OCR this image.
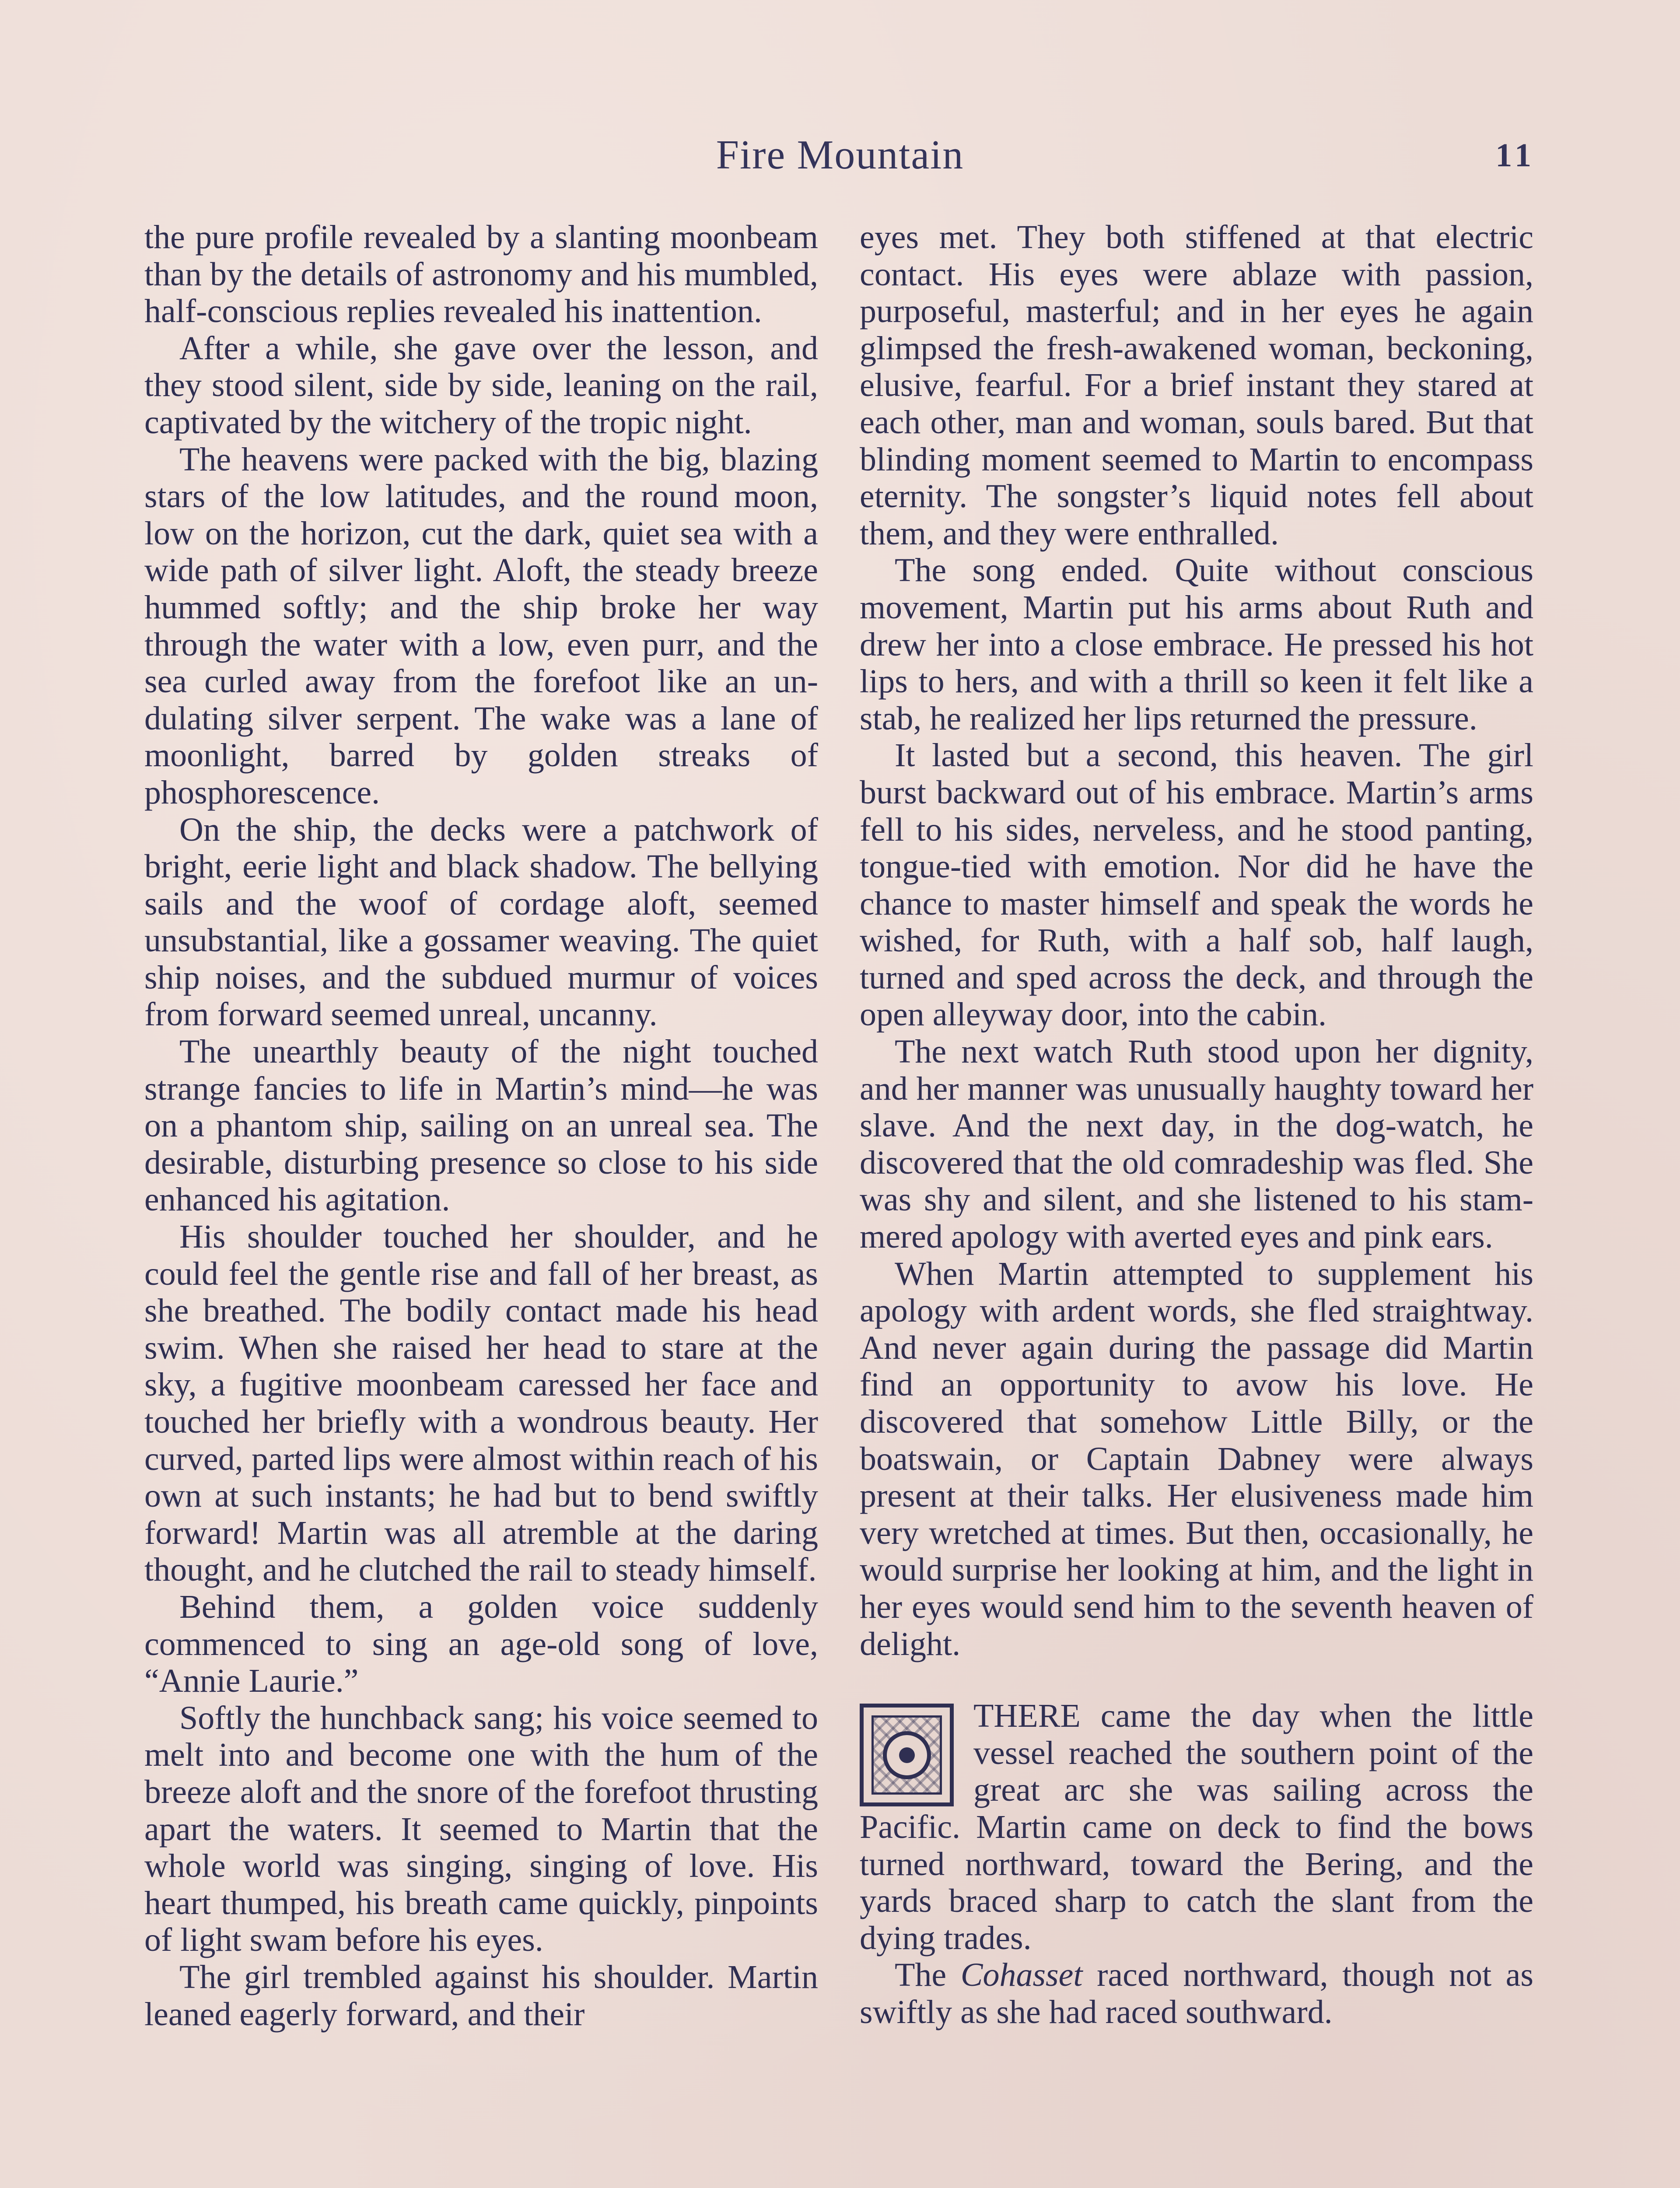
Fire Mountain	11

the pure profile revealed by a slanting moonbeam than by the details of astronomy and his mumbled, half-conscious replies revealed his inattention.

After a while, she gave over the lesson, and they stood silent, side by side, leaning on the rail, captivated by the witchery of the tropic night.

The heavens were packed with the big, blazing stars of the low latitudes, and the round moon, low on the horizon, cut the dark, quiet sea with a wide path of silver light. Aloft, the steady breeze hummed softly; and the ship broke her way through the water with a low, even purr, and the sea curled away from the forefoot like an undulating silver serpent. The wake was a lane of moonlight, barred by golden streaks of phosphorescence.

On the ship, the decks were a patchwork of bright, eerie light and black shadow. The bellying sails and the woof of cordage aloft, seemed unsubstantial, like a gossamer weaving. The quiet ship noises, and the subdued murmur of voices from forward seemed unreal, uncanny.

The unearthly beauty of the night touched strange fancies to life in Martin’s mind—he was on a phantom ship, sailing on an unreal sea. The desirable, disturbing presence so close to his side enhanced his agitation.

His shoulder touched her shoulder, and he could feel the gentle rise and fall of her breast, as she breathed. The bodily contact made his head swim. When she raised her head to stare at the sky, a fugitive moonbeam caressed her face and touched her briefly with a wondrous beauty. Her curved, parted lips were almost within reach of his own at such instants; he had but to bend swiftly forward! Martin was all atremble at the daring thought, and he clutched the rail to steady himself.

Behind them, a golden voice suddenly commenced to sing an age-old song of love, “Annie Laurie.”

Softly the hunchback sang; his voice seemed to melt into and become one with the hum of the breeze aloft and the snore of the forefoot thrusting apart the waters. It seemed to Martin that the whole world was singing, singing of love. His heart thumped, his breath came quickly, pinpoints of light swam before his eyes.

The girl trembled against his shoulder. Martin leaned eagerly forward, and their

eyes met. They both stiffened at that electric contact. His eyes were ablaze with passion, purposeful, masterful; and in her eyes he again glimpsed the fresh-awakened woman, beckoning, elusive, fearful. For a brief instant they stared at each other, man and woman, souls bared. But that blinding moment seemed to Martin to encompass eternity. The songster’s liquid notes fell about them, and they were enthralled.

The song ended. Quite without conscious movement, Martin put his arms about Ruth and drew her into a close embrace. He pressed his hot lips to hers, and with a thrill so keen it felt like a stab, he realized her lips returned the pressure.

It lasted but a second, this heaven. The girl burst backward out of his embrace. Martin’s arms fell to his sides, nerveless, and he stood panting, tongue-tied with emotion. Nor did he have the chance to master himself and speak the words he wished, for Ruth, with a half sob, half laugh, turned and sped across the deck, and through the open alleyway door, into the cabin.

The next watch Ruth stood upon her dignity, and her manner was unusually haughty toward her slave. And the next day, in the dog-watch, he discovered that the old comradeship was fled. She was shy and silent, and she listened to his stammered apology with averted eyes and pink ears.

When Martin attempted to supplement his apology with ardent words, she fled straightway. And never again during the passage did Martin find an opportunity to avow his love. He discovered that somehow Little Billy, or the boatswain, or Captain Dabney were always present at their talks. Her elusiveness made him very wretched at times. But then, occasionally, he would surprise her looking at him, and the light in her eyes would send him to the seventh heaven of delight.

THERE came the day when the little vessel reached the southern point of the great arc she was sailing across the Pacific. Martin came on deck to find the bows turned northward, toward the Bering, and the yards braced sharp to catch the slant from the dying trades.

The Cohasset raced northward, though not as swiftly as she had raced southward.
